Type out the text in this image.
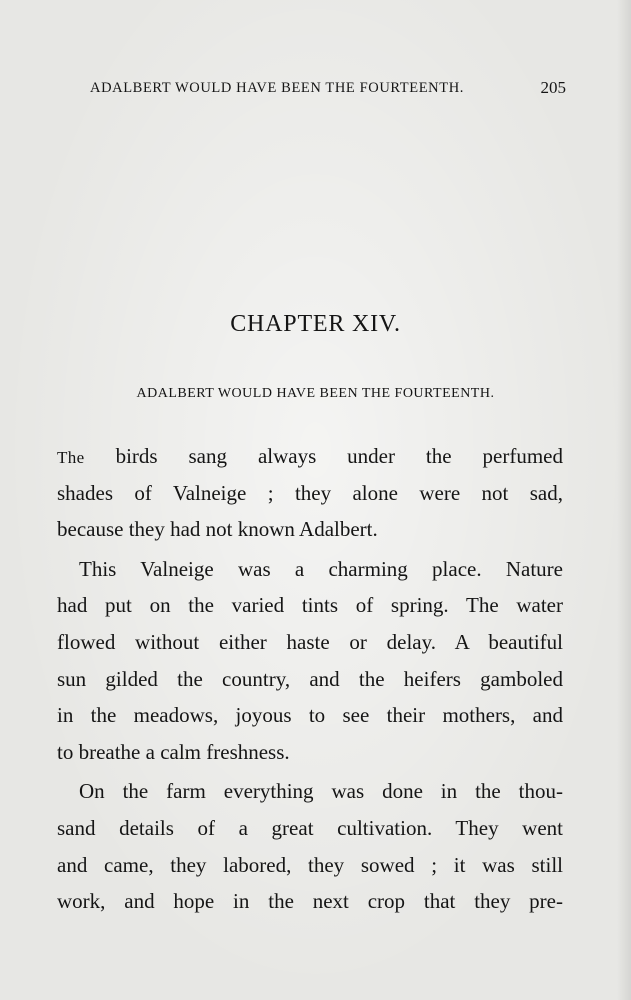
ADALBERT WOULD HAVE BEEN THE FOURTEENTH.	205
CHAPTER XIV.
ADALBERT WOULD HAVE BEEN THE FOURTEENTH.
The birds sang always under the perfumed
shades of Valneige ; they alone were not sad,
because they had not known Adalbert.
This Valneige was a charming place. Nature
had put on the varied tints of spring. The water
flowed without either haste or delay. A beautiful
sun gilded the country, and the heifers gamboled
in the meadows, joyous to see their mothers, and
to breathe a calm freshness.
On the farm everything was done in the thou-
sand details of a great cultivation. They went
and came, they labored, they sowed ; it was still
work, and hope in the next crop that they pre-
